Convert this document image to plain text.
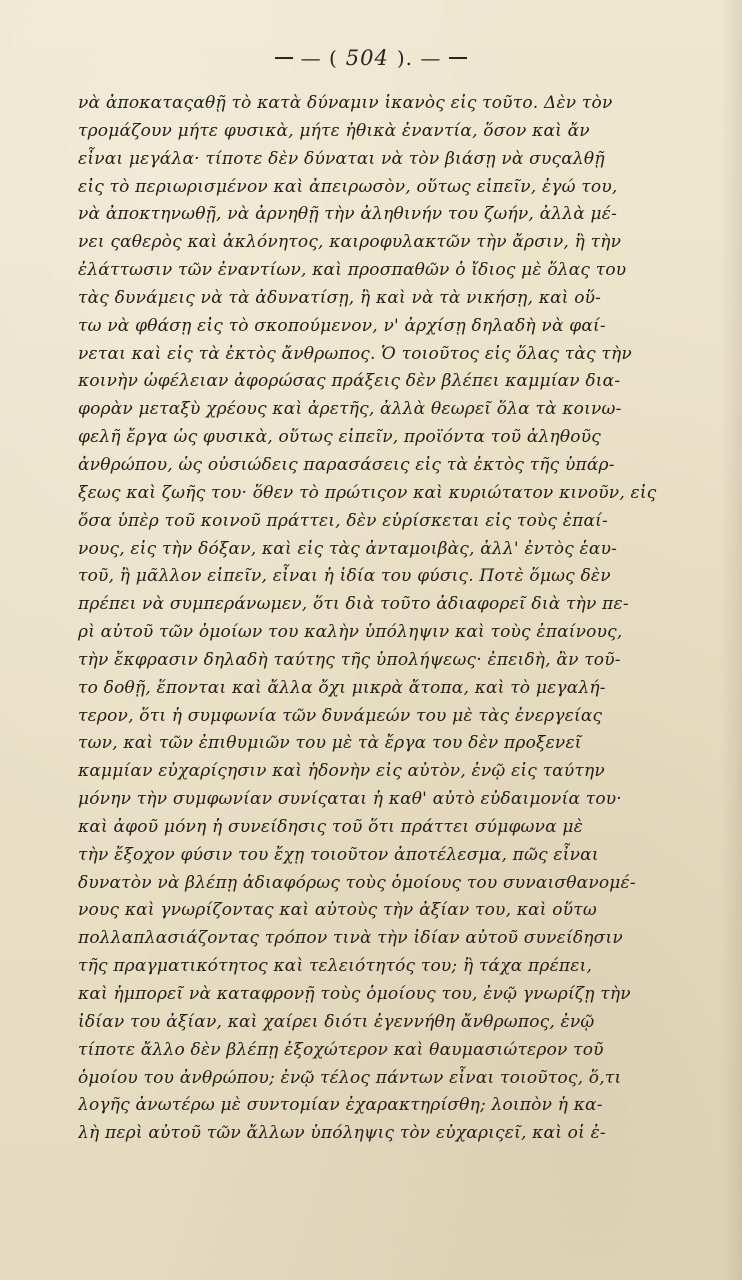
— ( 504 ). —
νὰ ἀποκαταςαθῇ τὸ κατὰ δύναμιν ἱκανὸς εἰς τοῦτο. Δὲν τὸν
τρομάζουν μήτε φυσικὰ, μήτε ἠθικὰ ἐναντία, ὅσον καὶ ἄν
εἶναι μεγάλα· τίποτε δὲν δύναται νὰ τὸν βιάσῃ νὰ συςαλθῇ
εἰς τὸ περιωρισμένον καὶ ἀπειρωσὸν, οὕτως εἰπεῖν, ἐγώ του,
νὰ ἀποκτηνωθῇ, νὰ ἀρνηθῇ τὴν ἀληθινήν του ζωήν, ἀλλὰ μέ-
νει ςαθερὸς καὶ ἀκλόνητος, καιροφυλακτῶν τὴν ἄρσιν, ἢ τὴν
ἐλάττωσιν τῶν ἐναντίων, καὶ προσπαθῶν ὁ ἴδιος μὲ ὅλας του
τὰς δυνάμεις νὰ τὰ ἀδυνατίσῃ, ἢ καὶ νὰ τὰ νικήσῃ, καὶ οὕ-
τω νὰ φθάσῃ εἰς τὸ σκοπούμενον, ν' ἀρχίσῃ δηλαδὴ νὰ φαί-
νεται καὶ εἰς τὰ ἐκτὸς ἄνθρωπος. Ὁ τοιοῦτος εἰς ὅλας τὰς τὴν
κοινὴν ὠφέλειαν ἀφορώσας πράξεις δὲν βλέπει καμμίαν δια-
φορὰν μεταξὺ χρέους καὶ ἀρετῆς, ἀλλὰ θεωρεῖ ὅλα τὰ κοινω-
φελῆ ἔργα ὡς φυσικὰ, οὕτως εἰπεῖν, προϊόντα τοῦ ἀληθοῦς
ἀνθρώπου, ὡς οὐσιώδεις παρασάσεις εἰς τὰ ἐκτὸς τῆς ὑπάρ-
ξεως καὶ ζωῆς του· ὅθεν τὸ πρώτιςον καὶ κυριώτατον κινοῦν, εἰς
ὅσα ὑπὲρ τοῦ κοινοῦ πράττει, δὲν εὑρίσκεται εἰς τοὺς ἐπαί-
νους, εἰς τὴν δόξαν, καὶ εἰς τὰς ἀνταμοιβὰς, ἀλλ' ἐντὸς ἑαυ-
τοῦ, ἢ μᾶλλον εἰπεῖν, εἶναι ἡ ἰδία του φύσις. Ποτὲ ὅμως δὲν
πρέπει νὰ συμπεράνωμεν, ὅτι διὰ τοῦτο ἀδιαφορεῖ διὰ τὴν πε-
ρὶ αὐτοῦ τῶν ὁμοίων του καλὴν ὑπόληψιν καὶ τοὺς ἐπαίνους,
τὴν ἔκφρασιν δηλαδὴ ταύτης τῆς ὑπολήψεως· ἐπειδὴ, ἂν τοῦ-
το δοθῇ, ἕπονται καὶ ἄλλα ὄχι μικρὰ ἄτοπα, καὶ τὸ μεγαλή-
τερον, ὅτι ἡ συμφωνία τῶν δυνάμεών του μὲ τὰς ἐνεργείας
των, καὶ τῶν ἐπιθυμιῶν του μὲ τὰ ἔργα του δὲν προξενεῖ
καμμίαν εὐχαρίςησιν καὶ ἡδονὴν εἰς αὐτὸν, ἐνῷ εἰς ταύτην
μόνην τὴν συμφωνίαν συνίςαται ἡ καθ' αὐτὸ εὐδαιμονία του·
καὶ ἀφοῦ μόνη ἡ συνείδησις τοῦ ὅτι πράττει σύμφωνα μὲ
τὴν ἔξοχον φύσιν του ἔχῃ τοιοῦτον ἀποτέλεσμα, πῶς εἶναι
δυνατὸν νὰ βλέπῃ ἀδιαφόρως τοὺς ὁμοίους του συναισθανομέ-
νους καὶ γνωρίζοντας καὶ αὐτοὺς τὴν ἀξίαν του, καὶ οὕτω
πολλαπλασιάζοντας τρόπον τινὰ τὴν ἰδίαν αὐτοῦ συνείδησιν
τῆς πραγματικότητος καὶ τελειότητός του; ἢ τάχα πρέπει,
καὶ ἠμπορεῖ νὰ καταφρονῇ τοὺς ὁμοίους του, ἐνῷ γνωρίζῃ τὴν
ἰδίαν του ἀξίαν, καὶ χαίρει διότι ἐγεννήθη ἄνθρωπος, ἐνῷ
τίποτε ἄλλο δὲν βλέπῃ ἐξοχώτερον καὶ θαυμασιώτερον τοῦ
ὁμοίου του ἀνθρώπου; ἐνῷ τέλος πάντων εἶναι τοιοῦτος, ὅ,τι
λογῆς ἀνωτέρω μὲ συντομίαν ἐχαρακτηρίσθη; λοιπὸν ἡ κα-
λὴ περὶ αὐτοῦ τῶν ἄλλων ὑπόληψις τὸν εὐχαριςεῖ, καὶ οἱ ἐ-
